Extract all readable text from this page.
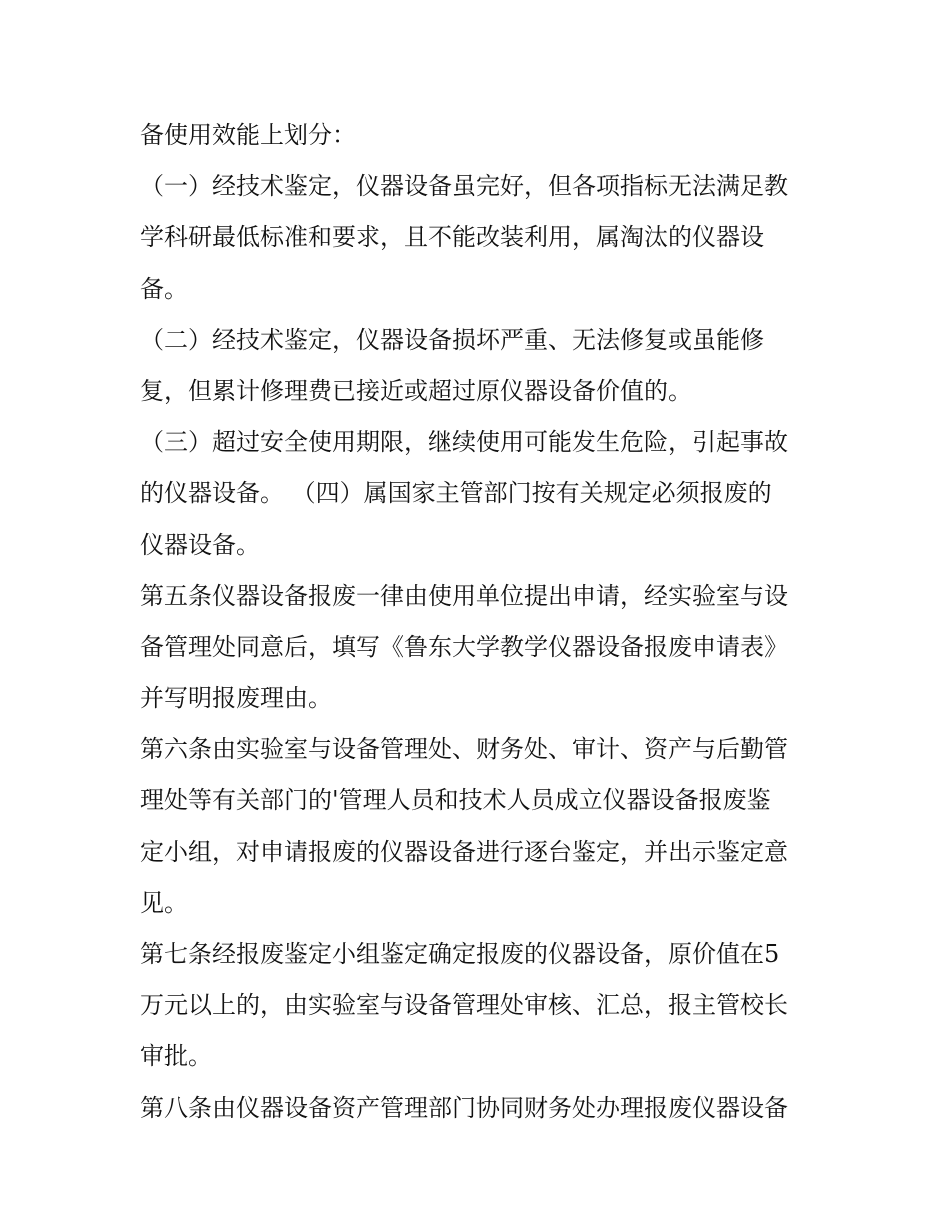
备使用效能上划分：
（一）经技术鉴定，仪器设备虽完好，但各项指标无法满足教
学科研最低标准和要求，且不能改装利用，属淘汰的仪器设
备。
（二）经技术鉴定，仪器设备损坏严重、无法修复或虽能修
复，但累计修理费已接近或超过原仪器设备价值的。
（三）超过安全使用期限，继续使用可能发生危险，引起事故
的仪器设备。 （四）属国家主管部门按有关规定必须报废的
仪器设备。
第五条仪器设备报废一律由使用单位提出申请，经实验室与设
备管理处同意后，填写《鲁东大学教学仪器设备报废申请表》
并写明报废理由。
第六条由实验室与设备管理处、财务处、审计、资产与后勤管
理处等有关部门的'管理人员和技术人员成立仪器设备报废鉴
定小组，对申请报废的仪器设备进行逐台鉴定，并出示鉴定意
见。
第七条经报废鉴定小组鉴定确定报废的仪器设备，原价值在5
万元以上的，由实验室与设备管理处审核、汇总，报主管校长
审批。
第八条由仪器设备资产管理部门协同财务处办理报废仪器设备
